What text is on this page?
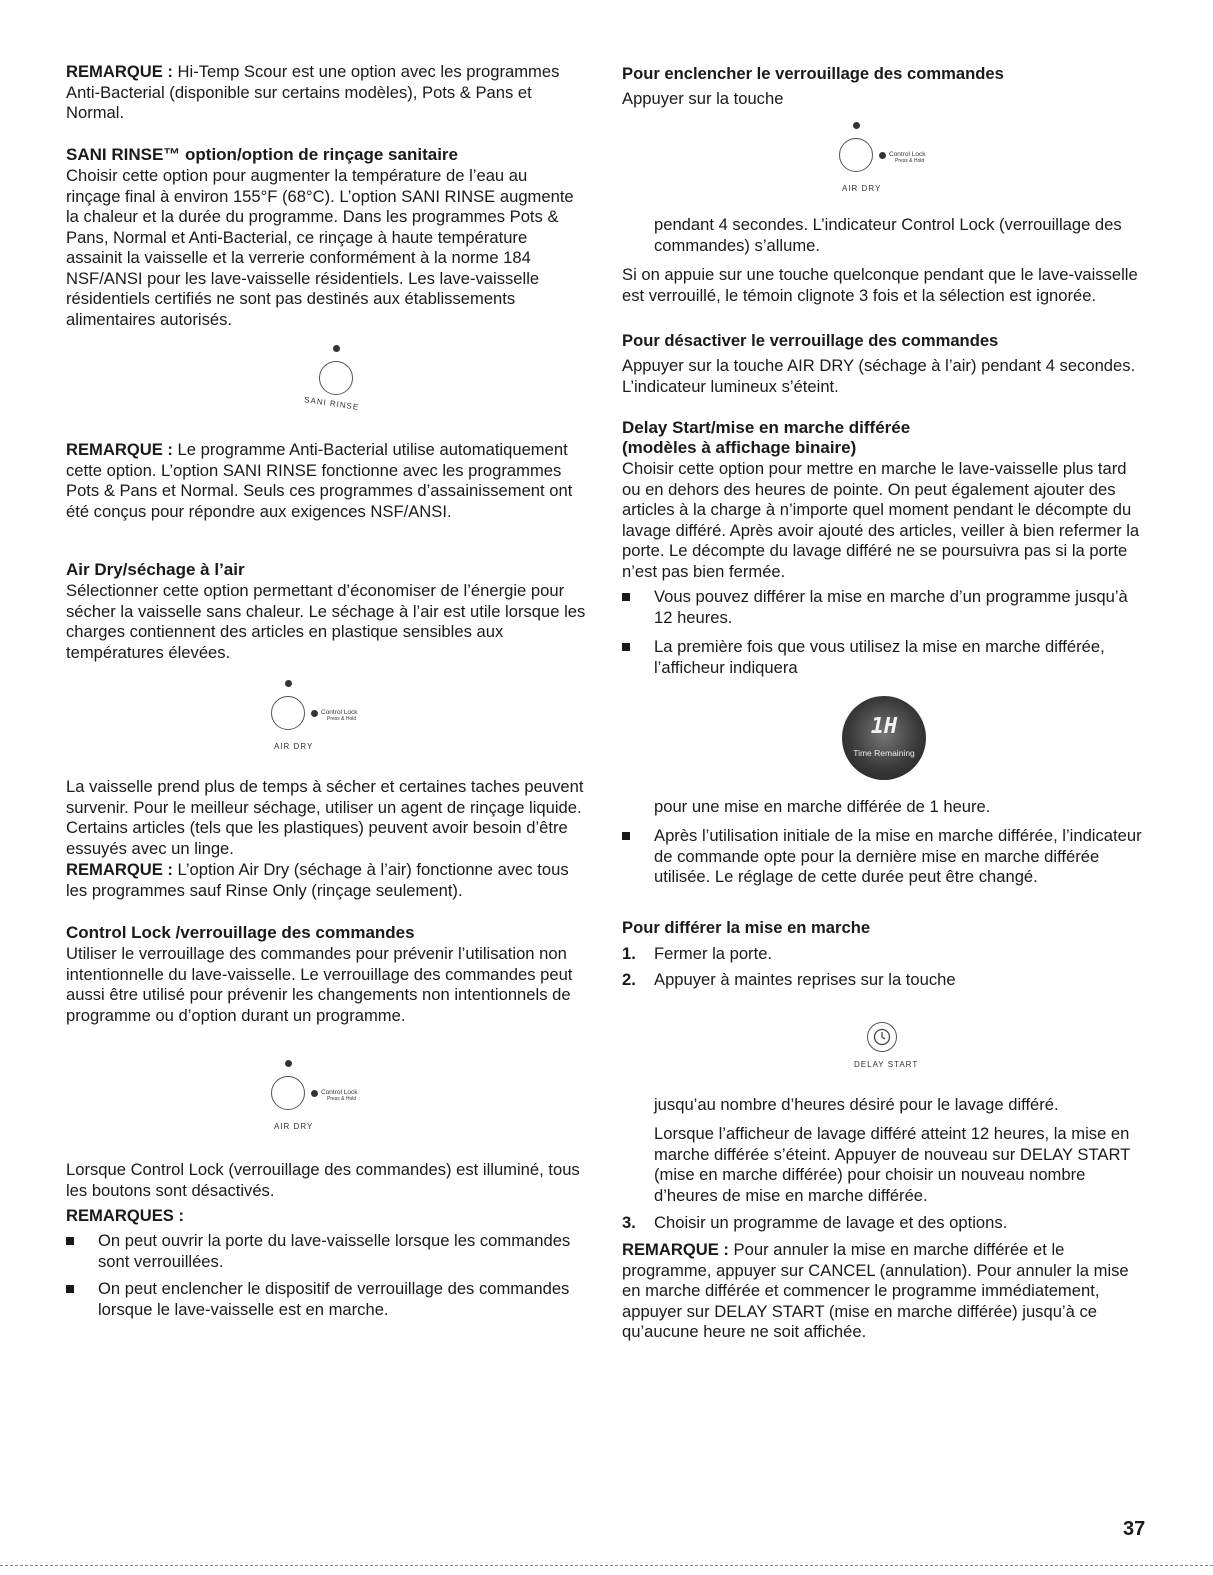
REMARQUE : Hi-Temp Scour est une option avec les programmes Anti-Bacterial (disponible sur certains modèles), Pots & Pans et Normal.

SANI RINSE™ option/option de rinçage sanitaire

Choisir cette option pour augmenter la température de l’eau au rinçage final à environ 155°F (68°C). L’option SANI RINSE augmente la chaleur et la durée du programme. Dans les programmes Pots & Pans, Normal et Anti-Bacterial, ce rinçage à haute température assainit la vaisselle et la verrerie conformément à la norme 184 NSF/ANSI pour les lave-vaisselle résidentiels. Les lave-vaisselle résidentiels certifiés ne sont pas destinés aux établissements alimentaires autorisés.

SANI RINSE

REMARQUE : Le programme Anti-Bacterial utilise automatiquement cette option. L’option SANI RINSE fonctionne avec les programmes Pots & Pans et Normal. Seuls ces programmes d’assainissement ont été conçus pour répondre aux exigences NSF/ANSI.

Air Dry/séchage à l’air

Sélectionner cette option permettant d’économiser de l’énergie pour sécher la vaisselle sans chaleur. Le séchage à l’air est utile lorsque les charges contiennent des articles en plastique sensibles aux températures élevées.

Control Lock
Press & Hold
AIR DRY

La vaisselle prend plus de temps à sécher et certaines taches peuvent survenir. Pour le meilleur séchage, utiliser un agent de rinçage liquide. Certains articles (tels que les plastiques) peuvent avoir besoin d’être essuyés avec un linge.

REMARQUE : L’option Air Dry (séchage à l’air) fonctionne avec tous les programmes sauf Rinse Only (rinçage seulement).

Control Lock /verrouillage des commandes

Utiliser le verrouillage des commandes pour prévenir l’utilisation non intentionnelle du lave-vaisselle. Le verrouillage des commandes peut aussi être utilisé pour prévenir les changements non intentionnels de programme ou d’option durant un programme.

Control Lock
Press & Hold
AIR DRY

Lorsque Control Lock (verrouillage des commandes) est illuminé, tous les boutons sont désactivés.

REMARQUES :

On peut ouvrir la porte du lave-vaisselle lorsque les commandes sont verrouillées.

On peut enclencher le dispositif de verrouillage des commandes lorsque le lave-vaisselle est en marche.

Pour enclencher le verrouillage des commandes

Appuyer sur la touche

Control Lock
Press & Hold
AIR DRY

pendant 4 secondes. L’indicateur Control Lock (verrouillage des commandes) s’allume.

Si on appuie sur une touche quelconque pendant que le lave-vaisselle est verrouillé, le témoin clignote 3 fois et la sélection est ignorée.

Pour désactiver le verrouillage des commandes

Appuyer sur la touche AIR DRY (séchage à l’air) pendant 4 secondes. L’indicateur lumineux s’éteint.

Delay Start/mise en marche différée
(modèles à affichage binaire)

Choisir cette option pour mettre en marche le lave-vaisselle plus tard ou en dehors des heures de pointe. On peut également ajouter des articles à la charge à n’importe quel moment pendant le décompte du lavage différé. Après avoir ajouté des articles, veiller à bien refermer la porte. Le décompte du lavage différé ne se poursuivra pas si la porte n’est pas bien fermée.

Vous pouvez différer la mise en marche d’un programme jusqu’à 12 heures.

La première fois que vous utilisez la mise en marche différée, l’afficheur indiquera

1H
Time Remaining

pour une mise en marche différée de 1 heure.

Après l’utilisation initiale de la mise en marche différée, l’indicateur de commande opte pour la dernière mise en marche différée utilisée. Le réglage de cette durée peut être changé.

Pour différer la mise en marche
1. Fermer la porte.

2. Appuyer à maintes reprises sur la touche

DELAY START

jusqu’au nombre d’heures désiré pour le lavage différé.

Lorsque l’afficheur de lavage différé atteint 12 heures, la mise en marche différée s’éteint. Appuyer de nouveau sur DELAY START (mise en marche différée) pour choisir un nouveau nombre d’heures de mise en marche différée.

3. Choisir un programme de lavage et des options.

REMARQUE : Pour annuler la mise en marche différée et le programme, appuyer sur CANCEL (annulation). Pour annuler la mise en marche différée et commencer le programme immédiatement, appuyer sur DELAY START (mise en marche différée) jusqu’à ce qu’aucune heure ne soit affichée.

37
